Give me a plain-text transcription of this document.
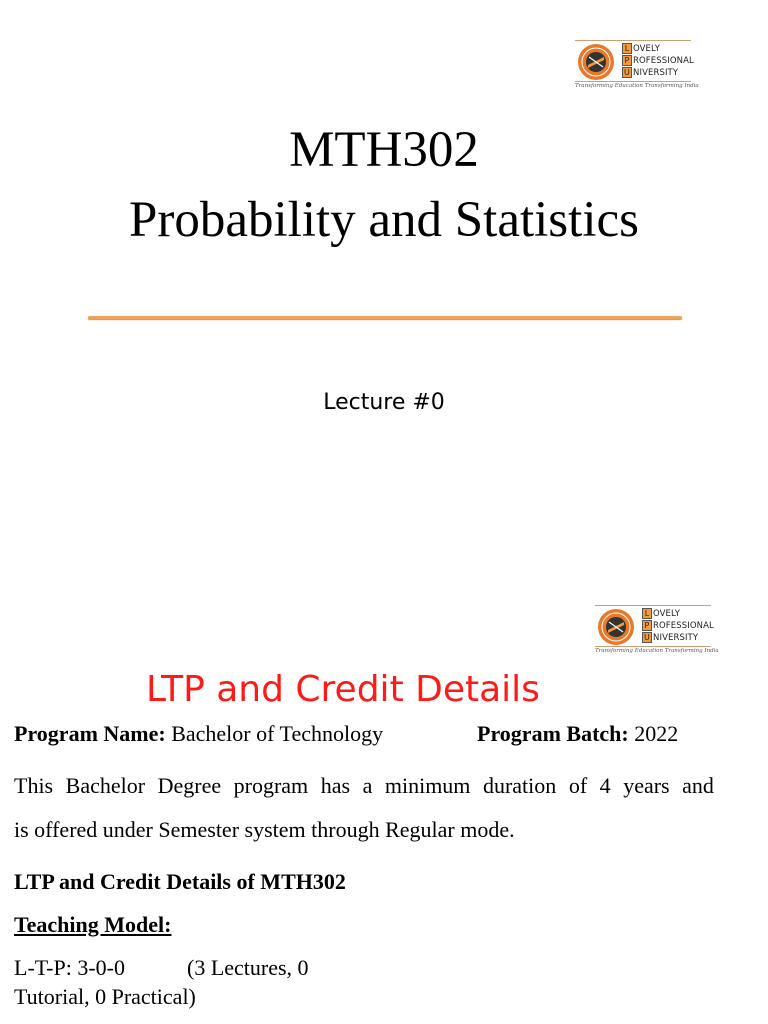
L OVELY
P ROFESSIONAL
U NIVERSITY
Transforming Education Transforming India
MTH302
Probability and Statistics
Lecture #0
L OVELY
P ROFESSIONAL
U NIVERSITY
Transforming Education Transforming India
LTP and Credit Details
Program Name: Bachelor of Technology	Program Batch: 2022
This Bachelor Degree program has a minimum duration of 4 years and
is offered under Semester system through Regular mode.
LTP and Credit Details of MTH302
Teaching Model:
L-T-P: 3-0-0	(3 Lectures, 0
Tutorial, 0 Practical)
